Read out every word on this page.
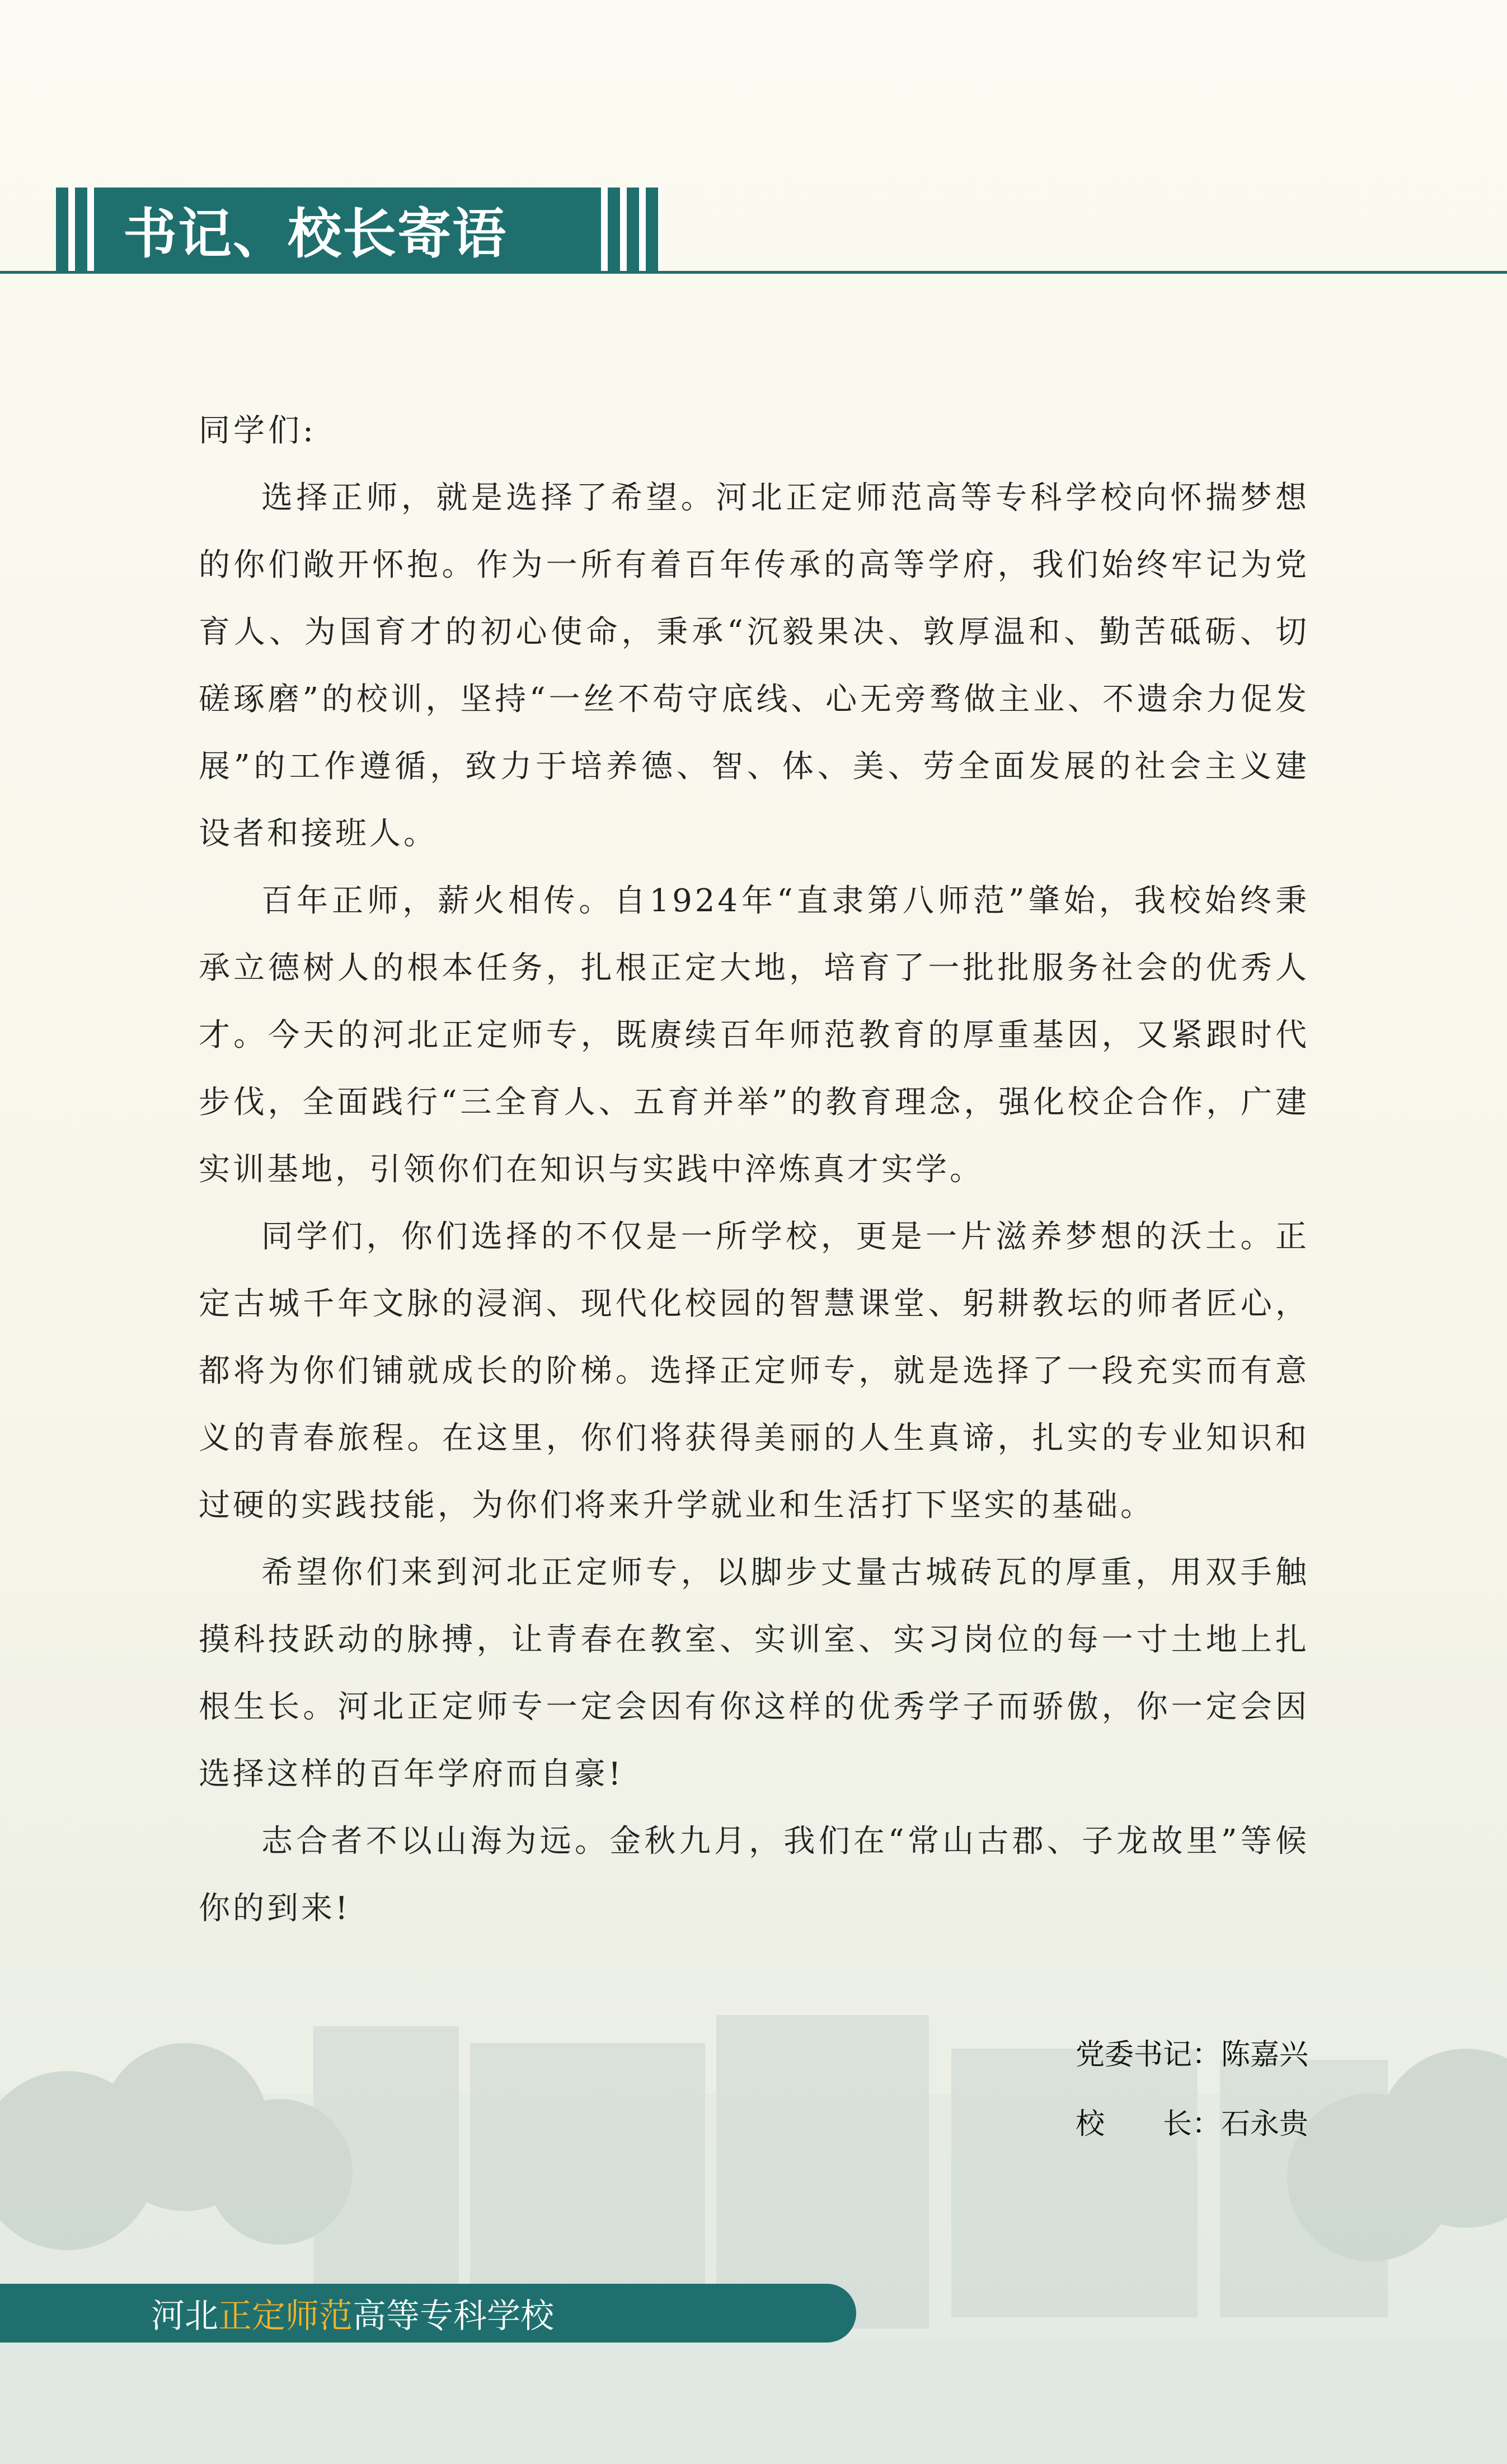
书记、校长寄语
同学们:

选择正师，就是选择了希望。河北正定师范高等专科学校向怀揣梦想的你们敞开怀抱。作为一所有着百年传承的高等学府，我们始终牢记为党育人、为国育才的初心使命，秉承“沉毅果决、敦厚温和、勤苦砥砺、切磋琢磨”的校训，坚持“一丝不苟守底线、心无旁骛做主业、不遗余力促发展”的工作遵循，致力于培养德、智、体、美、劳全面发展的社会主义建设者和接班人。

百年正师，薪火相传。自1924年“直隶第八师范”肇始，我校始终秉承立德树人的根本任务，扎根正定大地，培育了一批批服务社会的优秀人才。今天的河北正定师专，既赓续百年师范教育的厚重基因，又紧跟时代步伐，全面践行“三全育人、五育并举”的教育理念，强化校企合作，广建实训基地，引领你们在知识与实践中淬炼真才实学。

同学们，你们选择的不仅是一所学校，更是一片滋养梦想的沃土。正定古城千年文脉的浸润、现代化校园的智慧课堂、躬耕教坛的师者匠心，都将为你们铺就成长的阶梯。选择正定师专，就是选择了一段充实而有意义的青春旅程。在这里，你们将获得美丽的人生真谛，扎实的专业知识和过硬的实践技能，为你们将来升学就业和生活打下坚实的基础。

希望你们来到河北正定师专，以脚步丈量古城砖瓦的厚重，用双手触摸科技跃动的脉搏，让青春在教室、实训室、实习岗位的每一寸土地上扎根生长。河北正定师专一定会因有你这样的优秀学子而骄傲，你一定会因选择这样的百年学府而自豪!

志合者不以山海为远。金秋九月，我们在“常山古郡、子龙故里”等候你的到来!

党委书记：陈嘉兴
校　　长：石永贵
河北 正定师范 高等专科学校
